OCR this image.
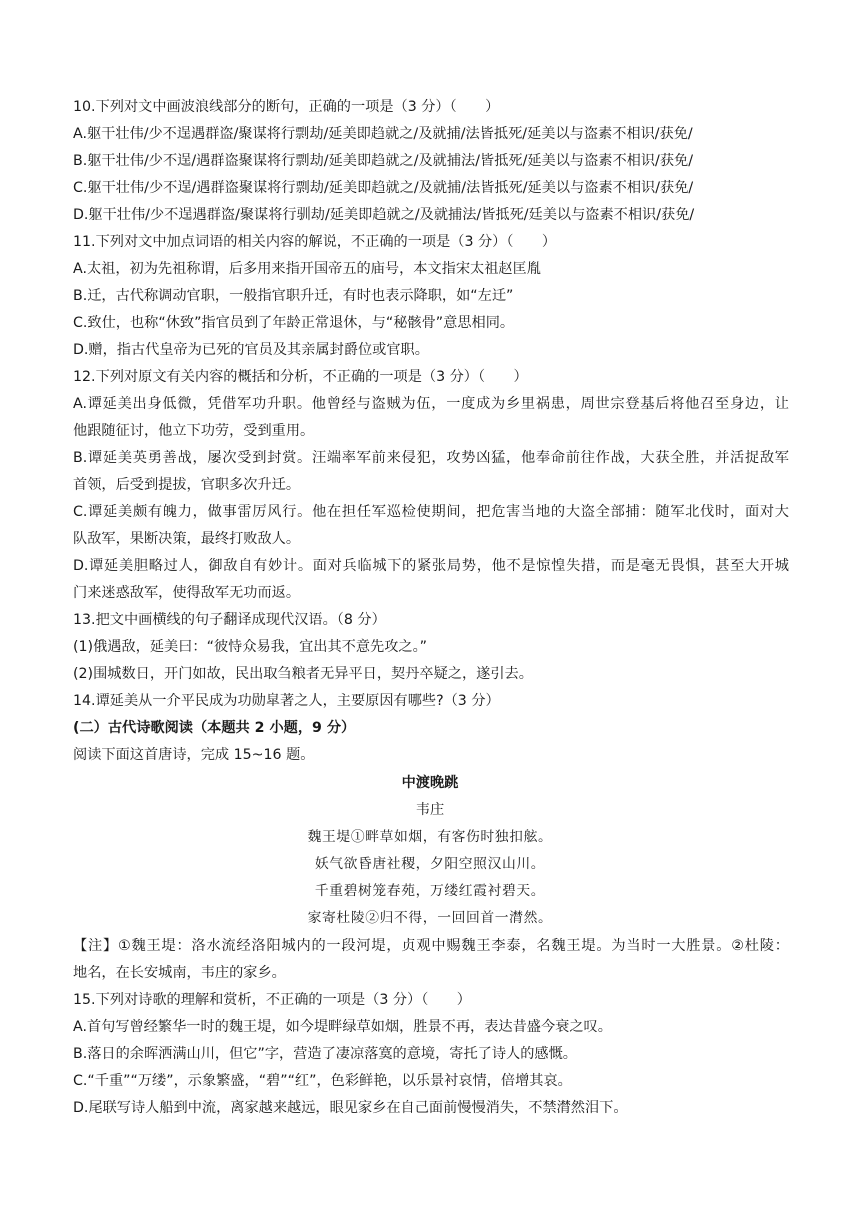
10.下列对文中画波浪线部分的断句，正确的一项是（3 分）（　　）
A.躯干壮伟/少不逞遇群盗/聚谋将行剽劫/延美即趋就之/及就捕/法皆抵死/延美以与盗素不相识/获免/
B.躯干壮伟/少不逞/遇群盗聚谋将行剽劫/延美即趋就之/及就捕法/皆抵死/延美以与盗素不相识/获免/
C.躯干壮伟/少不逞/遇群盗聚谋将行剽劫/延美即趋就之/及就捕/法皆抵死/延美以与盗素不相识/获免/
D.躯干壮伟/少不逞遇群盗/聚谋将行驯劫/延美即趋就之/及就捕法/皆抵死/廷美以与盗素不相识/获免/
11.下列对文中加点词语的相关内容的解说，不正确的一项是（3 分）（　　）
A.太祖，初为先祖称谓，后多用来指开国帝五的庙号，本文指宋太祖赵匡胤
B.迁，古代称调动官职，一般指官职升迁，有时也表示降职，如“左迁”
C.致仕，也称“休致”指官员到了年龄正常退休，与“秘骸骨”意思相同。
D.赠，指古代皇帝为已死的官员及其亲属封爵位或官职。
12.下列对原文有关内容的概括和分析，不正确的一项是（3 分）（　　）
A.谭延美出身低微，凭借军功升职。他曾经与盗贼为伍，一度成为乡里祸患，周世宗登基后将他召至身边，让
他跟随征讨，他立下功劳，受到重用。
B.谭延美英勇善战，屡次受到封赏。汪端率军前来侵犯，攻势凶猛，他奉命前往作战，大获全胜，并活捉敌军
首领，后受到提拔，官职多次升迁。
C.谭延美颇有魄力，做事雷厉风行。他在担任军巡检使期间，把危害当地的大盗全部捕：随军北伐时，面对大
队敌军，果断决策，最终打败敌人。
D.谭延美胆略过人，御敌自有妙计。面对兵临城下的紧张局势，他不是惊惶失措，而是毫无畏惧，甚至大开城
门来迷惑敌军，使得敌军无功而返。
13.把文中画横线的句子翻译成现代汉语。（8 分）
(1)俄遇敌，延美曰：“彼恃众易我，宜出其不意先攻之。”
(2)围城数日，开门如故，民出取刍粮者无异平日，契丹卒疑之，遂引去。
14.谭延美从一介平民成为功勋皐著之人，主要原因有哪些?（3 分）
(二）古代诗歌阅读（本题共 2 小题，9 分）
阅读下面这首唐诗，完成 15~16 题。
中渡晚跳
韦庄
魏王堤①畔草如烟，有客伤时独扣舷。
妖气欲昏唐社稷，夕阳空照汉山川。
千重碧树笼春苑，万缕红霞衬碧天。
家寄杜陵②归不得，一回回首一潸然。
【注】①魏王堤：洛水流经洛阳城内的一段河堤，贞观中赐魏王李泰，名魏王堤。为当时一大胜景。②杜陵：
地名，在长安城南，韦庄的家乡。
15.下列对诗歌的理解和赏析，不正确的一项是（3 分）（　　）
A.首句写曾经繁华一时的魏王堤，如今堤畔绿草如烟，胜景不再，表达昔盛今衰之叹。
B.落日的余晖洒满山川，但它”字，营造了凄凉落寞的意境，寄托了诗人的感慨。
C.“千重”“万缕”，示象繁盛，“碧”“红”，色彩鲜艳，以乐景衬哀情，倍增其哀。
D.尾联写诗人船到中流，离家越来越远，眼见家乡在自己面前慢慢消失，不禁潸然泪下。
